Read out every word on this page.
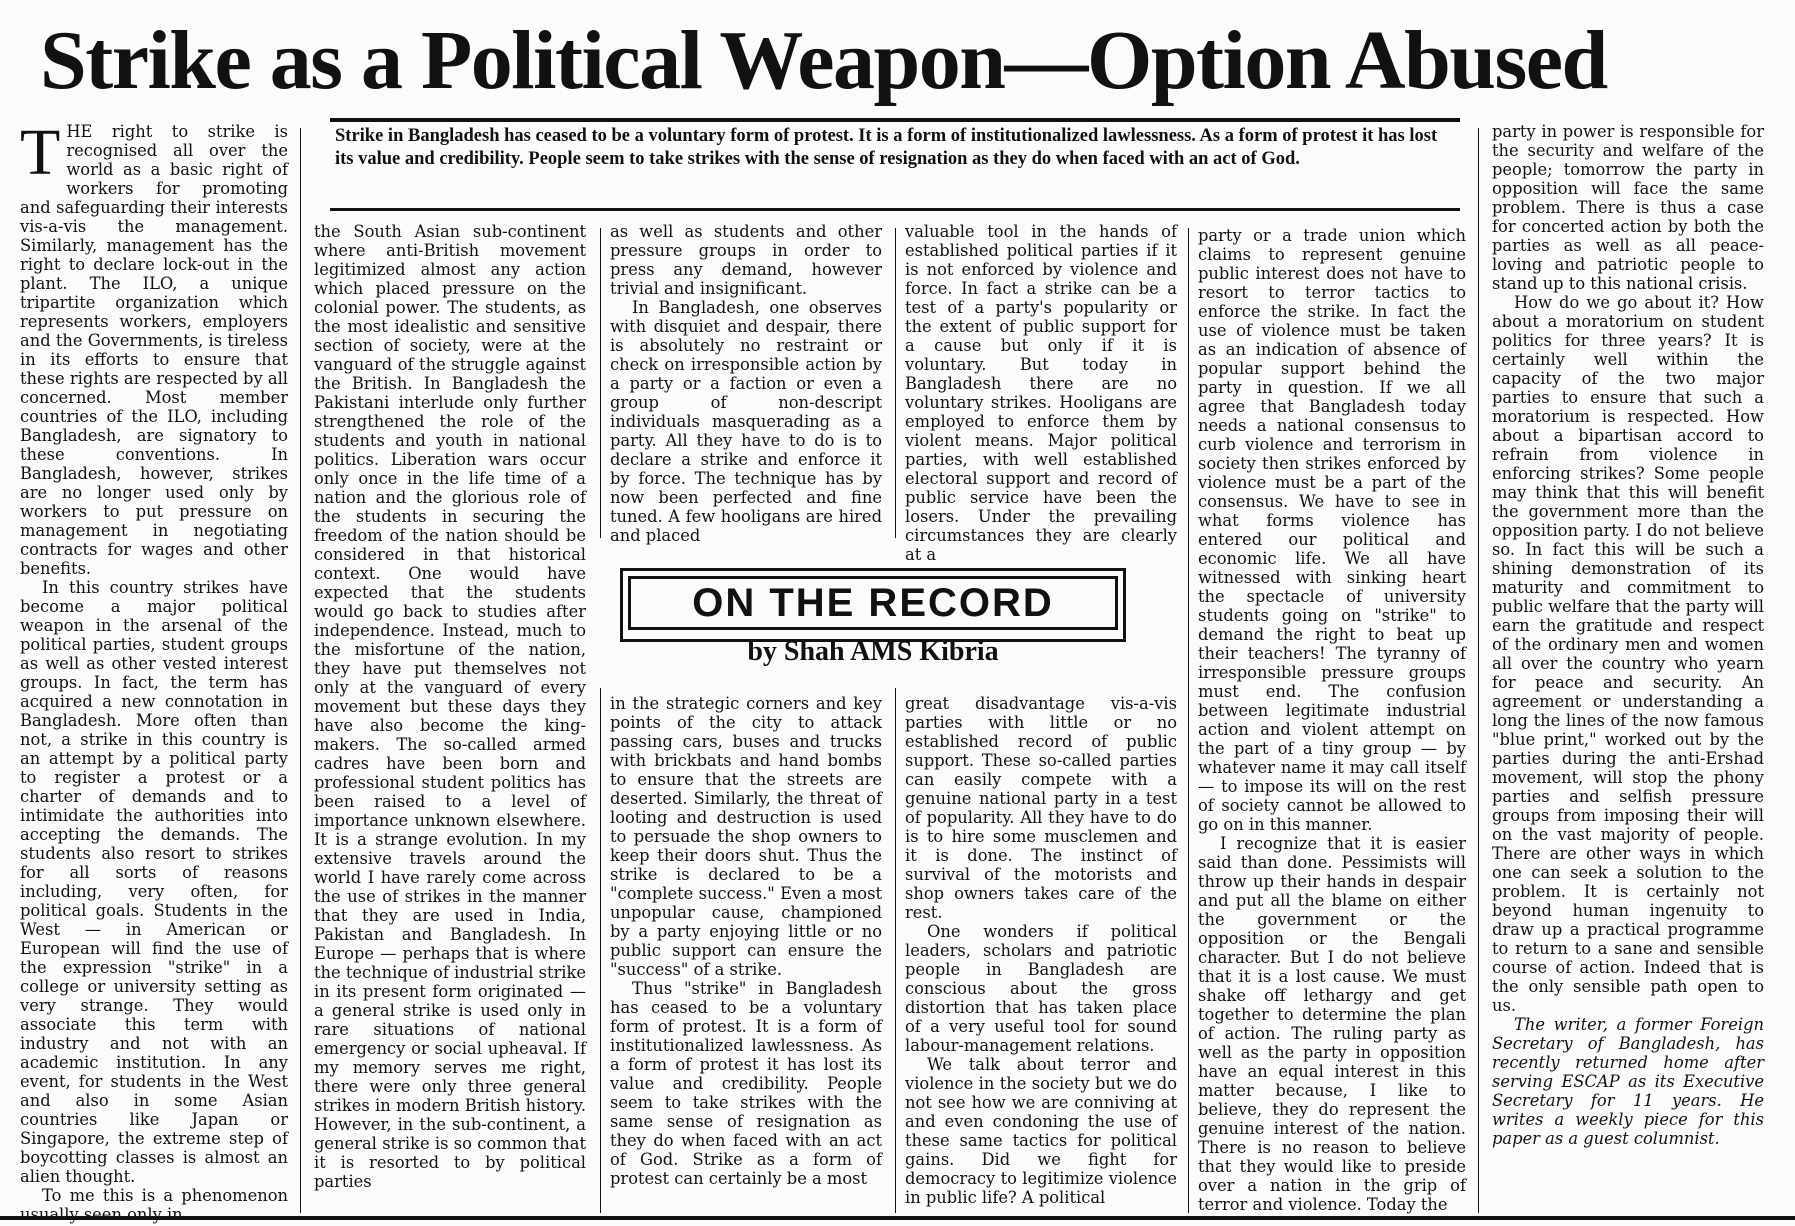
Strike as a Political Weapon—Option Abused
Strike in Bangladesh has ceased to be a voluntary form of protest. It is a form of institutionalized lawlessness. As a form of protest it has lost its value and credibility. People seem to take strikes with the sense of resignation as they do when faced with an act of God.

THE right to strike is recognised all over the world as a basic right of workers for promoting and safeguarding their interests vis-a-vis the management. Similarly, management has the right to declare lock-out in the plant. The ILO, a unique tripartite organization which represents workers, employers and the Governments, is tireless in its efforts to ensure that these rights are respected by all concerned. Most member countries of the ILO, including Bangladesh, are signatory to these conventions. In Bangladesh, however, strikes are no longer used only by workers to put pressure on management in negotiating contracts for wages and other benefits.

In this country strikes have become a major political weapon in the arsenal of the political parties, student groups as well as other vested interest groups. In fact, the term has acquired a new connotation in Bangladesh. More often than not, a strike in this country is an attempt by a political party to register a protest or a charter of demands and to intimidate the authorities into accepting the demands. The students also resort to strikes for all sorts of reasons including, very often, for political goals. Students in the West — in American or European will find the use of the expression "strike" in a college or university setting as very strange. They would associate this term with industry and not with an academic institution. In any event, for students in the West and also in some Asian countries like Japan or Singapore, the extreme step of boycotting classes is almost an alien thought.

To me this is a phenomenon usually seen only in

the South Asian sub-continent where anti-British movement legitimized almost any action which placed pressure on the colonial power. The students, as the most idealistic and sensitive section of society, were at the vanguard of the struggle against the British. In Bangladesh the Pakistani interlude only further strengthened the role of the students and youth in national politics. Liberation wars occur only once in the life time of a nation and the glorious role of the students in securing the freedom of the nation should be considered in that historical context. One would have expected that the students would go back to studies after independence. Instead, much to the misfortune of the nation, they have put themselves not only at the vanguard of every movement but these days they have also become the king-makers. The so-called armed cadres have been born and professional student politics has been raised to a level of importance unknown elsewhere. It is a strange evolution. In my extensive travels around the world I have rarely come across the use of strikes in the manner that they are used in India, Pakistan and Bangladesh. In Europe — perhaps that is where the technique of industrial strike in its present form originated — a general strike is used only in rare situations of national emergency or social upheaval. If my memory serves me right, there were only three general strikes in modern British history. However, in the sub-continent, a general strike is so common that it is resorted to by political parties

as well as students and other pressure groups in order to press any demand, however trivial and insignificant.

In Bangladesh, one observes with disquiet and despair, there is absolutely no restraint or check on irresponsible action by a party or a faction or even a group of non-descript individuals masquerading as a party. All they have to do is to declare a strike and enforce it by force. The technique has by now been perfected and fine tuned. A few hooligans are hired and placed

valuable tool in the hands of established political parties if it is not enforced by violence and force. In fact a strike can be a test of a party's popularity or the extent of public support for a cause but only if it is voluntary. But today in Bangladesh there are no voluntary strikes. Hooligans are employed to enforce them by violent means. Major political parties, with well established electoral support and record of public service have been the losers. Under the prevailing circumstances they are clearly at a

ON THE RECORD
by Shah AMS Kibria

in the strategic corners and key points of the city to attack passing cars, buses and trucks with brickbats and hand bombs to ensure that the streets are deserted. Similarly, the threat of looting and destruction is used to persuade the shop owners to keep their doors shut. Thus the strike is declared to be a "complete success." Even a most unpopular cause, championed by a party enjoying little or no public support can ensure the "success" of a strike.

Thus "strike" in Bangladesh has ceased to be a voluntary form of protest. It is a form of institutionalized lawlessness. As a form of protest it has lost its value and credibility. People seem to take strikes with the same sense of resignation as they do when faced with an act of God. Strike as a form of protest can certainly be a most

great disadvantage vis-a-vis parties with little or no established record of public support. These so-called parties can easily compete with a genuine national party in a test of popularity. All they have to do is to hire some musclemen and it is done. The instinct of survival of the motorists and shop owners takes care of the rest.

One wonders if political leaders, scholars and patriotic people in Bangladesh are conscious about the gross distortion that has taken place of a very useful tool for sound labour-management relations.

We talk about terror and violence in the society but we do not see how we are conniving at and even condoning the use of these same tactics for political gains. Did we fight for democracy to legitimize violence in public life? A political

party or a trade union which claims to represent genuine public interest does not have to resort to terror tactics to enforce the strike. In fact the use of violence must be taken as an indication of absence of popular support behind the party in question. If we all agree that Bangladesh today needs a national consensus to curb violence and terrorism in society then strikes enforced by violence must be a part of the consensus. We have to see in what forms violence has entered our political and economic life. We all have witnessed with sinking heart the spectacle of university students going on "strike" to demand the right to beat up their teachers! The tyranny of irresponsible pressure groups must end. The confusion between legitimate industrial action and violent attempt on the part of a tiny group — by whatever name it may call itself — to impose its will on the rest of society cannot be allowed to go on in this manner.

I recognize that it is easier said than done. Pessimists will throw up their hands in despair and put all the blame on either the government or the opposition or the Bengali character. But I do not believe that it is a lost cause. We must shake off lethargy and get together to determine the plan of action. The ruling party as well as the party in opposition have an equal interest in this matter because, I like to believe, they do represent the genuine interest of the nation. There is no reason to believe that they would like to preside over a nation in the grip of terror and violence. Today the

party in power is responsible for the security and welfare of the people; tomorrow the party in opposition will face the same problem. There is thus a case for concerted action by both the parties as well as all peace-loving and patriotic people to stand up to this national crisis.

How do we go about it? How about a moratorium on student politics for three years? It is certainly well within the capacity of the two major parties to ensure that such a moratorium is respected. How about a bipartisan accord to refrain from violence in enforcing strikes? Some people may think that this will benefit the government more than the opposition party. I do not believe so. In fact this will be such a shining demonstration of its maturity and commitment to public welfare that the party will earn the gratitude and respect of the ordinary men and women all over the country who yearn for peace and security. An agreement or understanding a long the lines of the now famous "blue print," worked out by the parties during the anti-Ershad movement, will stop the phony parties and selfish pressure groups from imposing their will on the vast majority of people. There are other ways in which one can seek a solution to the problem. It is certainly not beyond human ingenuity to draw up a practical programme to return to a sane and sensible course of action. Indeed that is the only sensible path open to us.

The writer, a former Foreign Secretary of Bangladesh, has recently returned home after serving ESCAP as its Executive Secretary for 11 years. He writes a weekly piece for this paper as a guest columnist.
